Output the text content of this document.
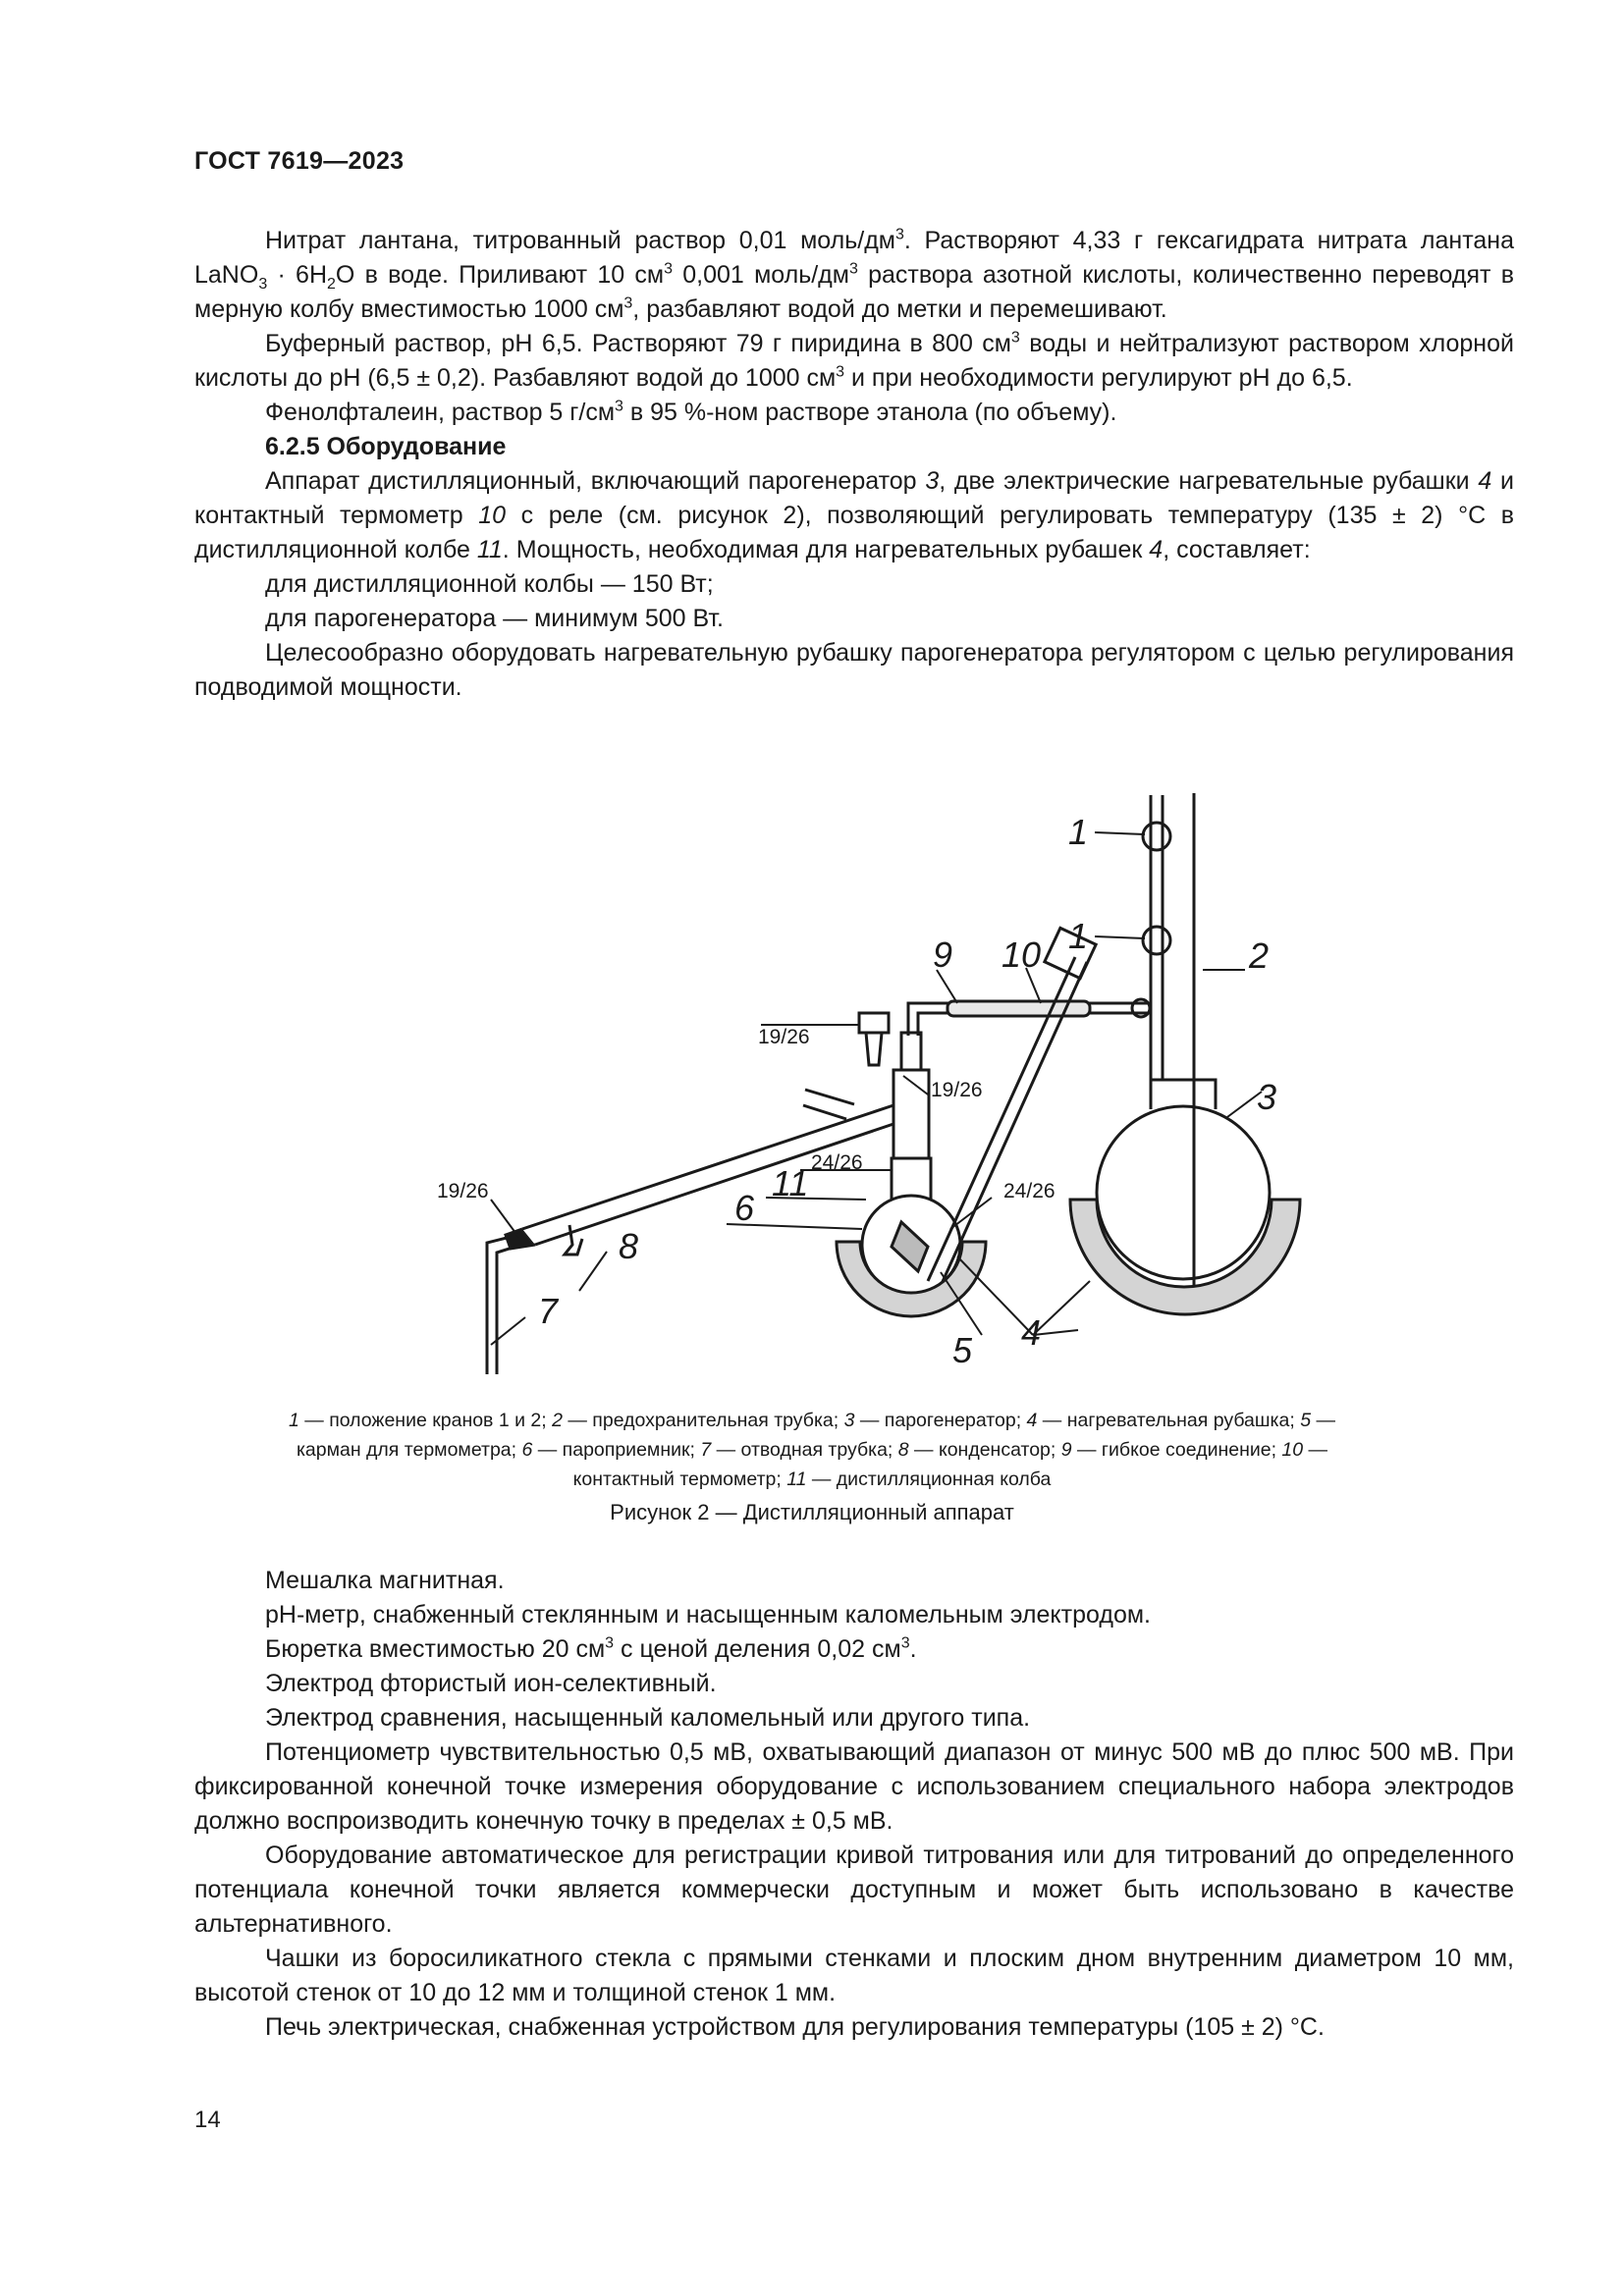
ГОСТ 7619—2023

Нитрат лантана, титрованный раствор 0,01 моль/$дм^3$. Растворяют 4,33 г гексагидрата нитрата лантана LaNO$_3$ · $6H_2O$ в воде. Приливают 10 $см^3$ 0,001 моль/$дм^3$ раствора азотной кислоты, количественно переводят в мерную колбу вместимостью 1000 $см^3$, разбавляют водой до метки и перемешивают.

Буферный раствор, pH 6,5. Растворяют 79 г пиридина в 800 $см^3$ воды и нейтрализуют раствором хлорной кислоты до pH (6,5 ± 0,2). Разбавляют водой до 1000 $см^3$ и при необходимости регулируют pH до 6,5.

Фенолфталеин, раствор 5 $г/см^3$ в 95 %-ном растворе этанола (по объему).

6.2.5 Оборудование

Аппарат дистилляционный, включающий парогенератор 3, две электрические нагревательные рубашки 4 и контактный термометр 10 с реле (см. рисунок 2), позволяющий регулировать температуру (135 ± 2) °C в дистилляционной колбе 11. Мощность, необходимая для нагревательных рубашек 4, составляет:

для дистилляционной колбы — 150 Вт;

для парогенератора — минимум 500 Вт.

Целесообразно оборудовать нагревательную рубашку парогенератора регулятором с целью регулирования подводимой мощности.

1
1	2
3
4
5
6
7
8
9 10
11
19/26
19/26
19/26
24/26
24/26
1 — положение кранов 1 и 2; 2 — предохранительная трубка; 3 — парогенератор; 4 — нагревательная рубашка; 5 — карман для термометра; 6 — пароприемник; 7 — отводная трубка; 8 — конденсатор; 9 — гибкое соединение; 10 — контактный термометр; 11 — дистилляционная колба
Рисунок 2 — Дистилляционный аппарат

Мешалка магнитная.

pH-метр, снабженный стеклянным и насыщенным каломельным электродом.

Бюретка вместимостью 20 $см^3$ с ценой деления 0,02 $см^3$.

Электрод фтористый ион-селективный.

Электрод сравнения, насыщенный каломельный или другого типа.

Потенциометр чувствительностью 0,5 мВ, охватывающий диапазон от минус 500 мВ до плюс 500 мВ. При фиксированной конечной точке измерения оборудование с использованием специального набора электродов должно воспроизводить конечную точку в пределах ± 0,5 мВ.

Оборудование автоматическое для регистрации кривой титрования или для титрований до определенного потенциала конечной точки является коммерчески доступным и может быть использовано в качестве альтернативного.

Чашки из боросиликатного стекла с прямыми стенками и плоским дном внутренним диаметром 10 мм, высотой стенок от 10 до 12 мм и толщиной стенок 1 мм.

Печь электрическая, снабженная устройством для регулирования температуры (105 ± 2) °C.

14
